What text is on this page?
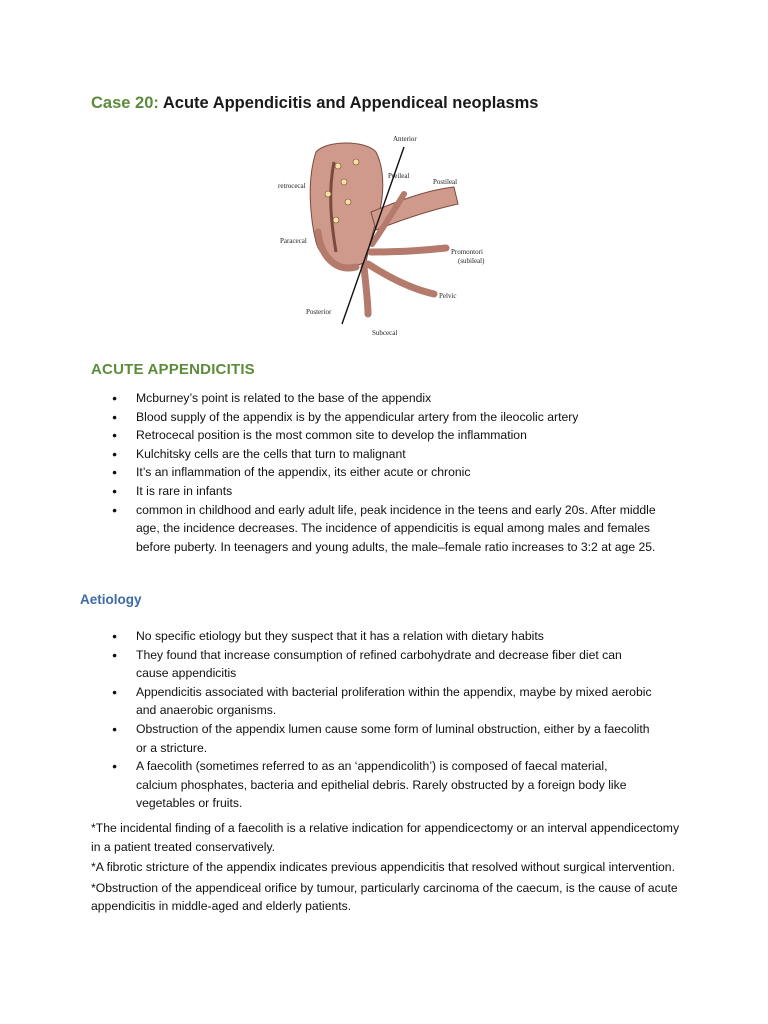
Case 20: Acute Appendicitis and Appendiceal neoplasms
Anterior
retrocecal
Preileal
Postileal
Paracecal
Promontori
(subileal)
Pelvic
Posterior
Subcecal
ACUTE APPENDICITIS
● Mcburney’s point is related to the base of the appendix
● Blood supply of the appendix is by the appendicular artery from the ileocolic artery
● Retrocecal position is the most common site to develop the inflammation
● Kulchitsky cells are the cells that turn to malignant
● It’s an inflammation of the appendix, its either acute or chronic
● It is rare in infants
● common in childhood and early adult life, peak incidence in the teens and early 20s. After middle age, the incidence decreases. The incidence of appendicitis is equal among males and females before puberty. In teenagers and young adults, the male–female ratio increases to 3:2 at age 25.
Aetiology
● No specific etiology but they suspect that it has a relation with dietary habits
● They found that increase consumption of refined carbohydrate and decrease fiber diet can cause appendicitis
● Appendicitis associated with bacterial proliferation within the appendix, maybe by mixed aerobic and anaerobic organisms.
● Obstruction of the appendix lumen cause some form of luminal obstruction, either by a faecolith or a stricture.
● A faecolith (sometimes referred to as an ‘appendicolith’) is composed of faecal material, calcium phosphates, bacteria and epithelial debris. Rarely obstructed by a foreign body like vegetables or fruits.

*The incidental finding of a faecolith is a relative indication for appendicectomy or an interval appendicectomy in a patient treated conservatively.

*A fibrotic stricture of the appendix indicates previous appendicitis that resolved without surgical intervention.

*Obstruction of the appendiceal orifice by tumour, particularly carcinoma of the caecum, is the cause of acute appendicitis in middle-aged and elderly patients.
